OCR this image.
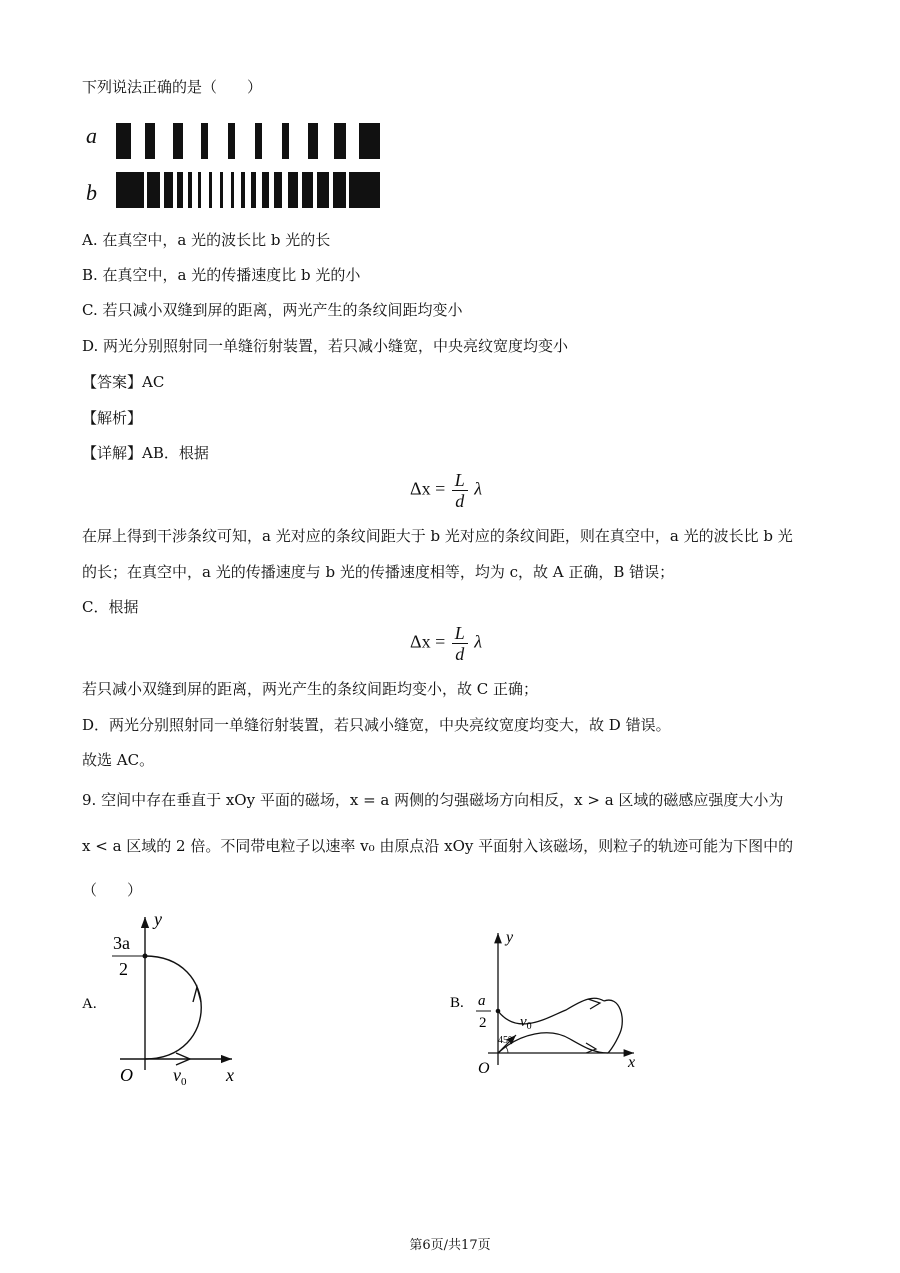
下列说法正确的是（　　）
a
b
A. 在真空中，a 光的波长比 b 光的长
B. 在真空中，a 光的传播速度比 b 光的小
C. 若只减小双缝到屏的距离，两光产生的条纹间距均变小
D. 两光分别照射同一单缝衍射装置，若只减小缝宽，中央亮纹宽度均变小
【答案】AC
【解析】
【详解】AB．根据
$\Delta x = \frac{L}{d}$ λ
在屏上得到干涉条纹可知，a 光对应的条纹间距大于 b 光对应的条纹间距，则在真空中，a 光的波长比 b 光
的长；在真空中，a 光的传播速度与 b 光的传播速度相等，均为 c，故 A 正确，B 错误；
C．根据
$\Delta x = \frac{L}{d}$ λ
若只减小双缝到屏的距离，两光产生的条纹间距均变小，故 C 正确；
D．两光分别照射同一单缝衍射装置，若只减小缝宽，中央亮纹宽度均变大，故 D 错误。
故选 AC。
9. 空间中存在垂直于 xOy 平面的磁场，x = a 两侧的匀强磁场方向相反，x > a 区域的磁感应强度大小为
x < a 区域的 2 倍。不同带电粒子以速率 v₀ 由原点沿 xOy 平面射入该磁场，则粒子的轨迹可能为下图中的
（　　）
A.
y
x
O
3a
2
$v_0$
B.
y
x
O
a
2
45°
$v_0$
第6页/共17页
